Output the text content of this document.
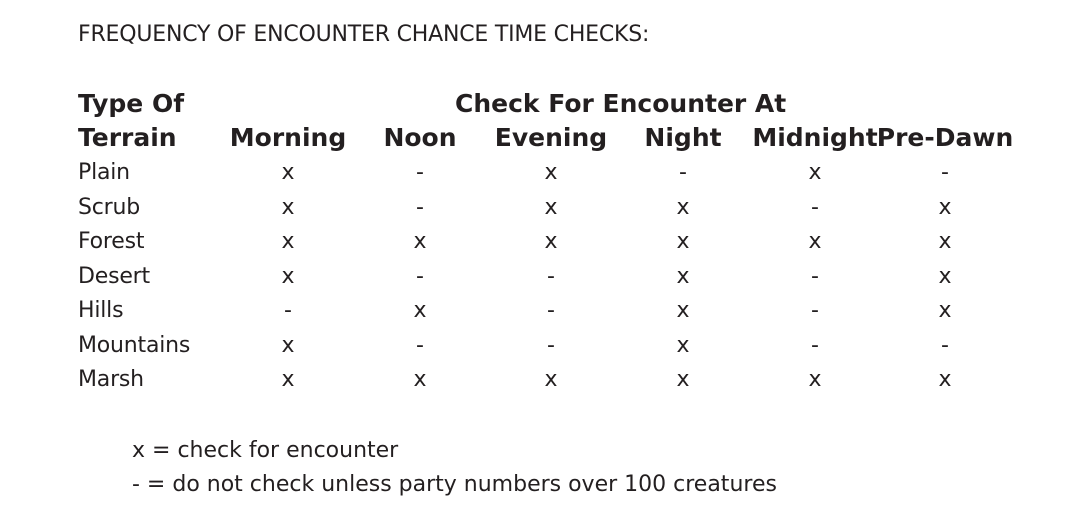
FREQUENCY OF ENCOUNTER CHANCE TIME CHECKS:
Type Of	Check For Encounter At
Terrain Morning Noon Evening Night Midnight Pre-Dawn
Plain	x	-	x	-	x	-
Scrub	x	-	x	x	-	x
Forest	x	x	x	x	x	x
Desert	x	-	-	x	-	x
Hills	-	x	-	x	-	x
Mountains	x	-	-	x	-	-
Marsh	x	x	x	x	x	x
x = check for encounter
- = do not check unless party numbers over 100 creatures
